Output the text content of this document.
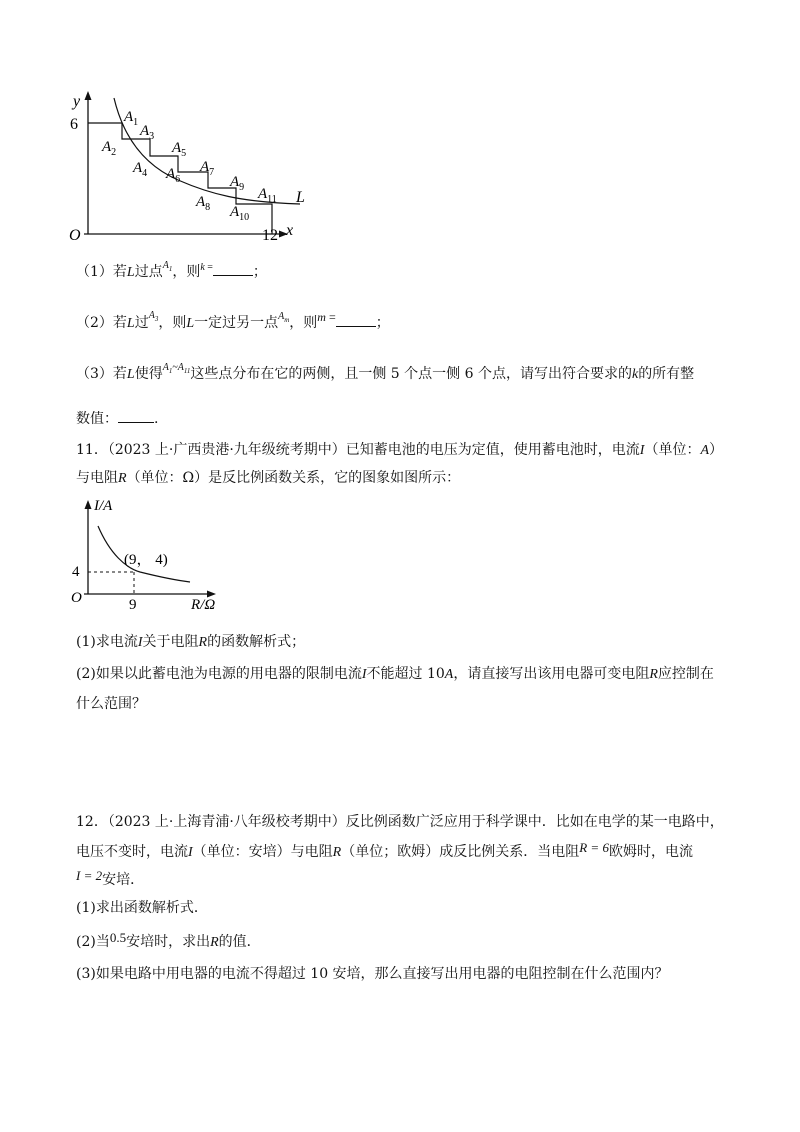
y
6
O	12 x
L
$A_1$
$A_2$
$A_3$
$A_4$
$A_5$
$A_6$
$A_7$
$A_8$
$A_9$
$A_{10}$
$A_{11}$
（1）若L过点$^{A_1}$，则$^{k =}$	；
（2）若L过$^{A_3}$，则L一定过另一点$^{A_m}$，则m =	；
（3）若L使得$^{A_1\sim A_{11}}$这些点分布在它的两侧，且一侧 5 个点一侧 6 个点，请写出符合要求的k的所有整
数值：	.
11．（2023 上·广西贵港·九年级统考期中）已知蓄电池的电压为定值，使用蓄电池时，电流I（单位：A）
与电阻R（单位：Ω）是反比例函数关系，它的图象如图所示：
I/A
(9， 4)
4
O	9	R/Ω
(1)求电流I关于电阻R的函数解析式；
(2)如果以此蓄电池为电源的用电器的限制电流I不能超过 10A，请直接写出该用电器可变电阻R应控制在
什么范围？
12．（2023 上·上海青浦·八年级校考期中）反比例函数广泛应用于科学课中．比如在电学的某一电路中，
电压不变时，电流I（单位：安培）与电阻R（单位；欧姆）成反比例关系．当电阻R = 6欧姆时，电流
I = 2安培．
(1)求出函数解析式．
(2)当0.5安培时，求出R的值．
(3)如果电路中用电器的电流不得超过 10 安培，那么直接写出用电器的电阻控制在什么范围内？
